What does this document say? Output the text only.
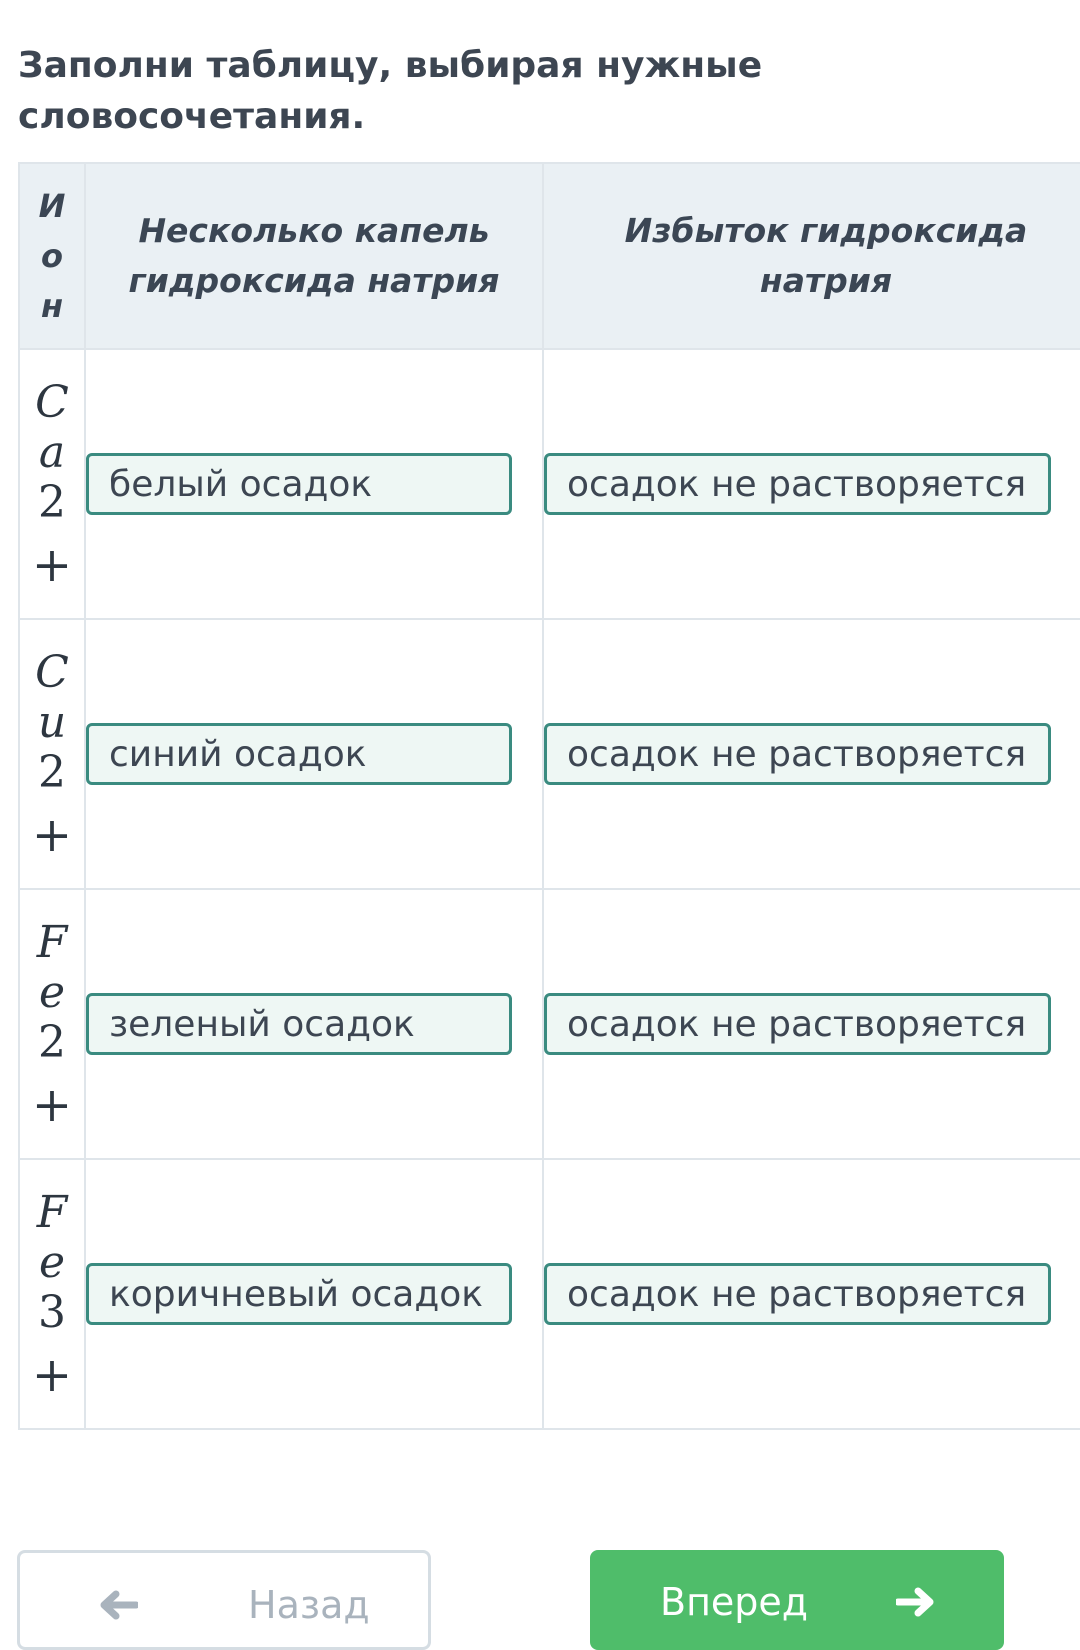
Заполни таблицу, выбирая нужные словосочетания.
И
о
н	Несколько капель гидроксида натрия	Избыток гидроксида натрия

C
a
2
+	белый осадок	осадок не растворяется

C
u
2
+	синий осадок	осадок не растворяется

F
e
2
+	зеленый осадок	осадок не растворяется

F
e
3
+	коричневый осадок	осадок не растворяется
Назад	Вперед
